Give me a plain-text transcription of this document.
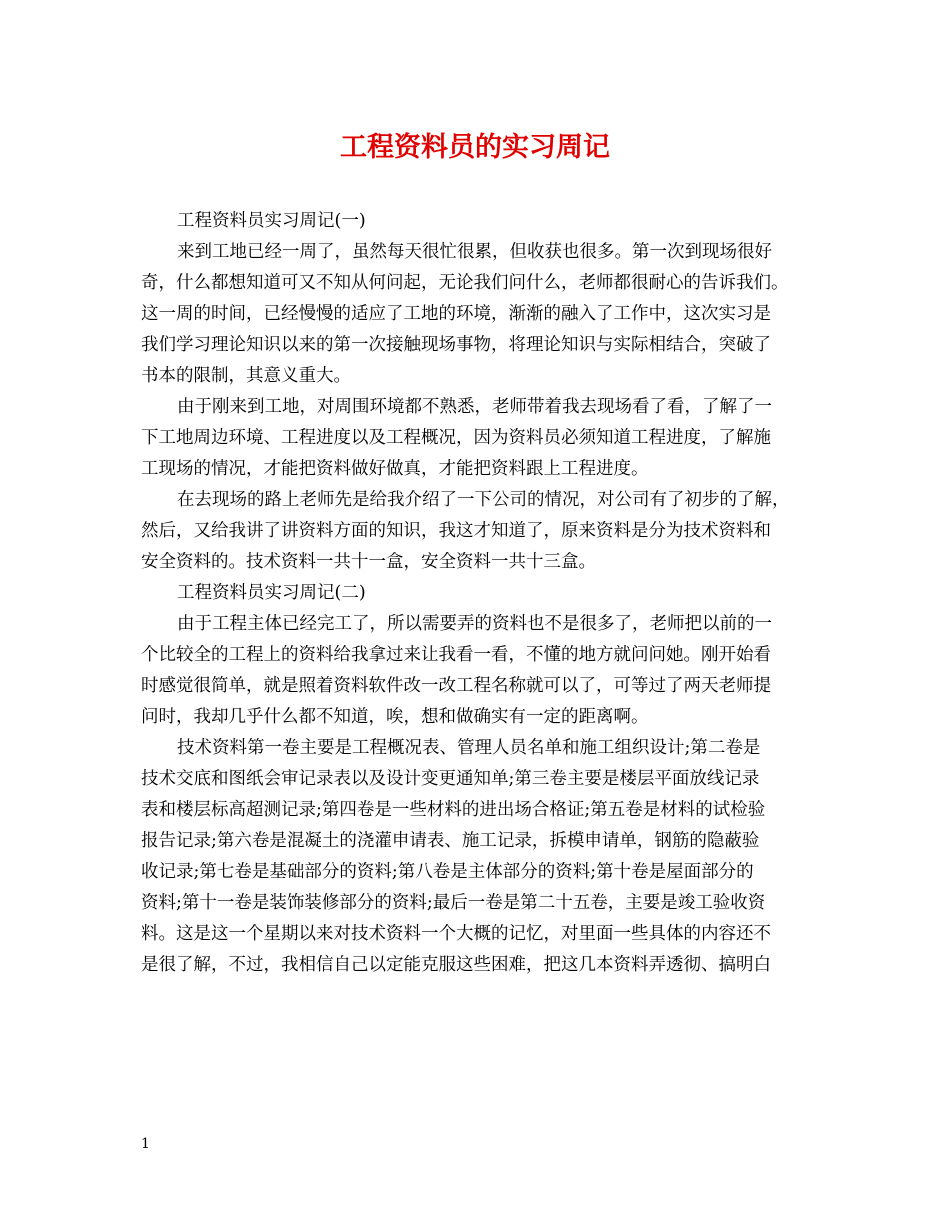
工程资料员的实习周记
工程资料员实习周记(一)
来到工地已经一周了，虽然每天很忙很累，但收获也很多。第一次到现场很好
奇，什么都想知道可又不知从何问起，无论我们问什么，老师都很耐心的告诉我们。
这一周的时间，已经慢慢的适应了工地的环境，渐渐的融入了工作中，这次实习是
我们学习理论知识以来的第一次接触现场事物，将理论知识与实际相结合，突破了
书本的限制，其意义重大。
由于刚来到工地，对周围环境都不熟悉，老师带着我去现场看了看，了解了一
下工地周边环境、工程进度以及工程概况，因为资料员必须知道工程进度，了解施
工现场的情况，才能把资料做好做真，才能把资料跟上工程进度。
在去现场的路上老师先是给我介绍了一下公司的情况，对公司有了初步的了解，
然后，又给我讲了讲资料方面的知识，我这才知道了，原来资料是分为技术资料和
安全资料的。技术资料一共十一盒，安全资料一共十三盒。
工程资料员实习周记(二)
由于工程主体已经完工了，所以需要弄的资料也不是很多了，老师把以前的一
个比较全的工程上的资料给我拿过来让我看一看，不懂的地方就问问她。刚开始看
时感觉很简单，就是照着资料软件改一改工程名称就可以了，可等过了两天老师提
问时，我却几乎什么都不知道，唉，想和做确实有一定的距离啊。
技术资料第一卷主要是工程概况表、管理人员名单和施工组织设计;第二卷是
技术交底和图纸会审记录表以及设计变更通知单;第三卷主要是楼层平面放线记录
表和楼层标高超测记录;第四卷是一些材料的进出场合格证;第五卷是材料的试检验
报告记录;第六卷是混凝土的浇灌申请表、施工记录，拆模申请单，钢筋的隐蔽验
收记录;第七卷是基础部分的资料;第八卷是主体部分的资料;第十卷是屋面部分的
资料;第十一卷是装饰装修部分的资料;最后一卷是第二十五卷，主要是竣工验收资
料。这是这一个星期以来对技术资料一个大概的记忆，对里面一些具体的内容还不
是很了解，不过，我相信自己以定能克服这些困难，把这几本资料弄透彻、搞明白
1
